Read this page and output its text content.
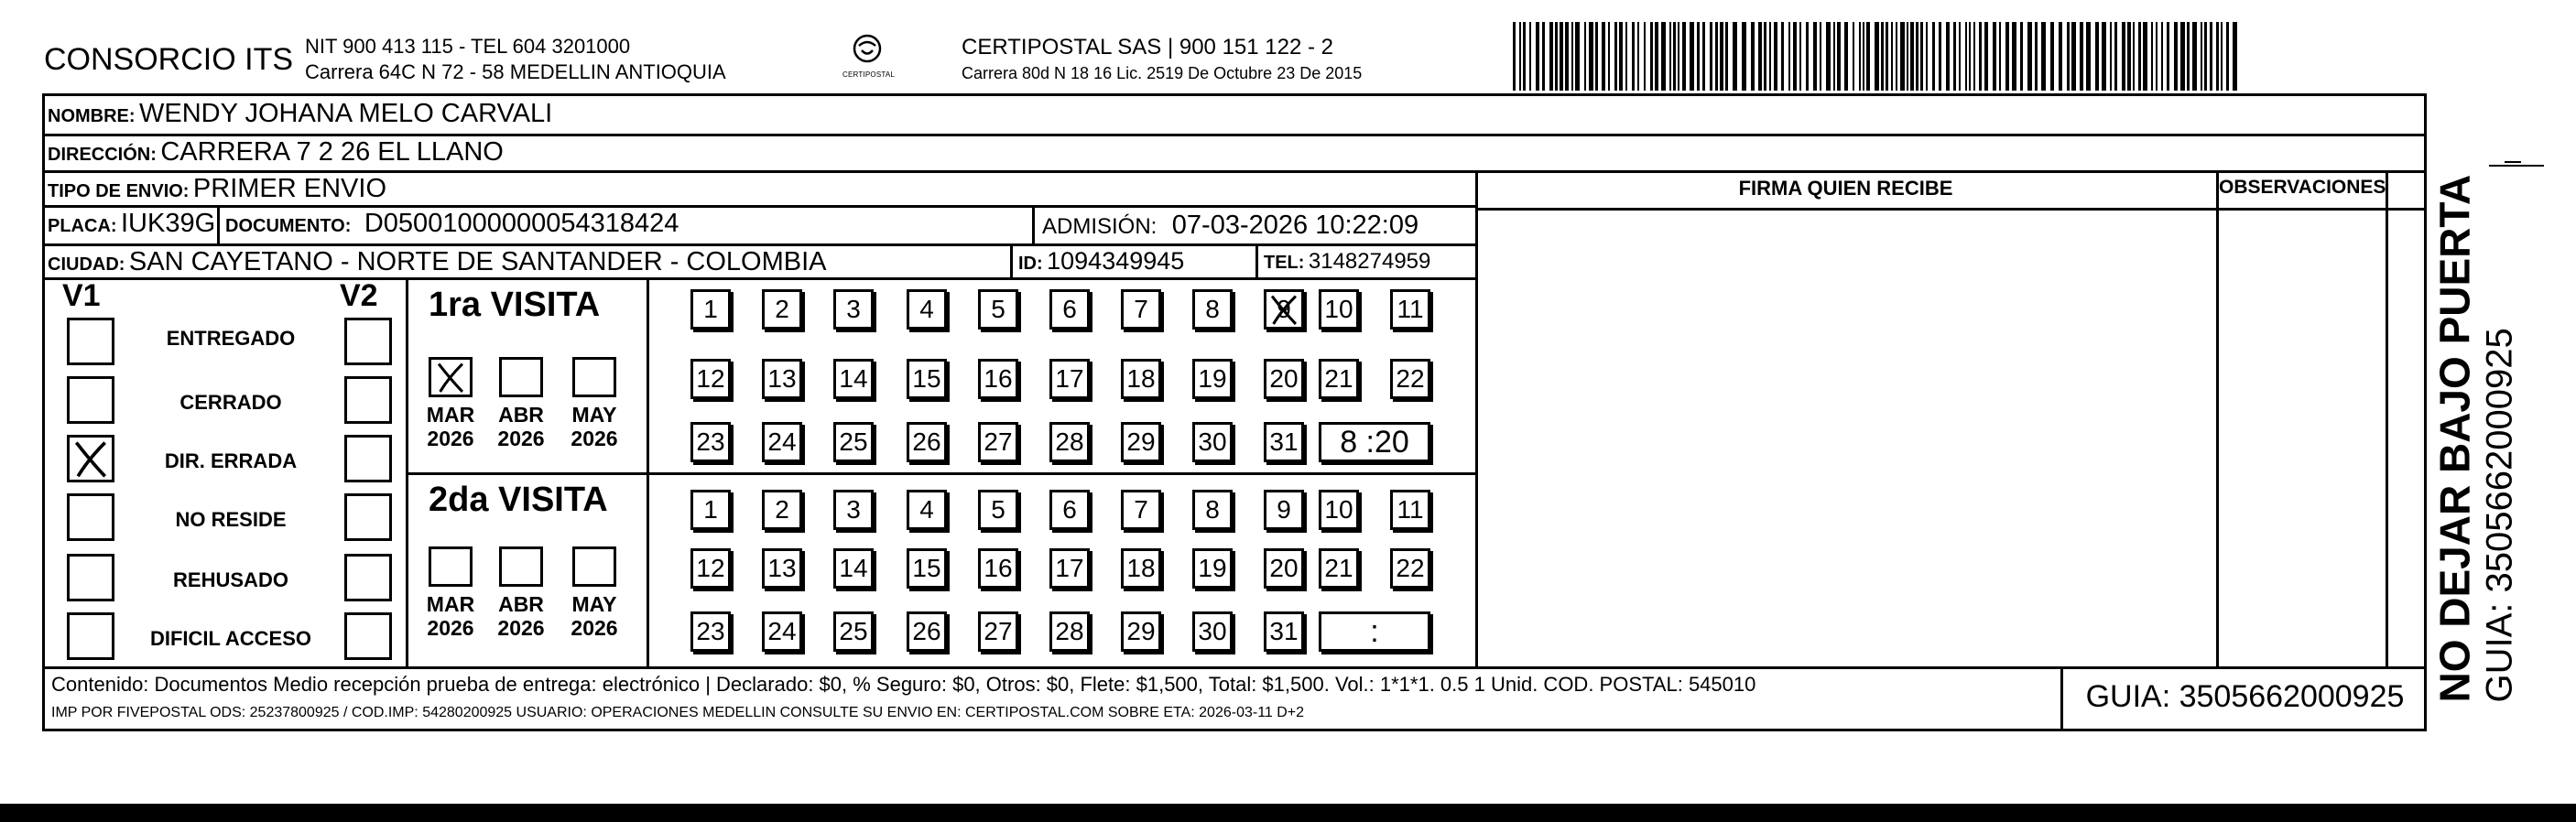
CONSORCIO ITS NIT 900 413 115 - TEL 604 3201000
Carrera 64C N 72 - 58 MEDELLIN ANTIOQUIA	CERTIPOSTAL
CERTIPOSTAL SAS | 900 151 122 - 2
Carrera 80d N 18 16 Lic. 2519 De Octubre 23 De 2015
NOMBRE: WENDY JOHANA MELO CARVALI
DIRECCIÓN: CARRERA 7 2 26 EL LLANO
TIPO DE ENVIO: PRIMER ENVIO	FIRMA QUIEN RECIBE	OBSERVACIONES
PLACA: IUK39G DOCUMENTO: D05001000000054318424	ADMISIÓN: 07-03-2026 10:22:09
CIUDAD: SAN CAYETANO - NORTE DE SANTANDER - COLOMBIA	ID: 1094349945	TEL: 3148274959
V1	V2
ENTREGADO
CERRADO
DIR. ERRADA
NO RESIDE
REHUSADO
DIFICIL ACCESO
1ra VISITA
2da VISITA
MAR
2026
ABR
2026
MAY
2026
MAR
2026
ABR
2026
MAY
2026
1	2	3	4	5	6	7	8	9	10 11
12 13 14 15 16 17 18 19 20 21 22
23 24 25 26 27 28 29 30 31	8 :20
1	2	3	4	5	6	7	8	9	10 11
12 13 14 15 16 17 18 19 20 21 22
23 24 25 26 27 28 29 30 31	:
Contenido: Documentos Medio recepción prueba de entrega: electrónico | Declarado: $0, % Seguro: $0, Otros: $0, Flete: $1,500, Total: $1,500. Vol.: 1*1*1. 0.5 1 Unid. COD. POSTAL: 545010
IMP POR FIVEPOSTAL ODS: 25237800925 / COD.IMP: 54280200925 USUARIO: OPERACIONES MEDELLIN CONSULTE SU ENVIO EN: CERTIPOSTAL.COM SOBRE ETA: 2026-03-11 D+2	GUIA: 3505662000925 NO DEJAR BAJO PUERTA GUIA: 3505662000925
